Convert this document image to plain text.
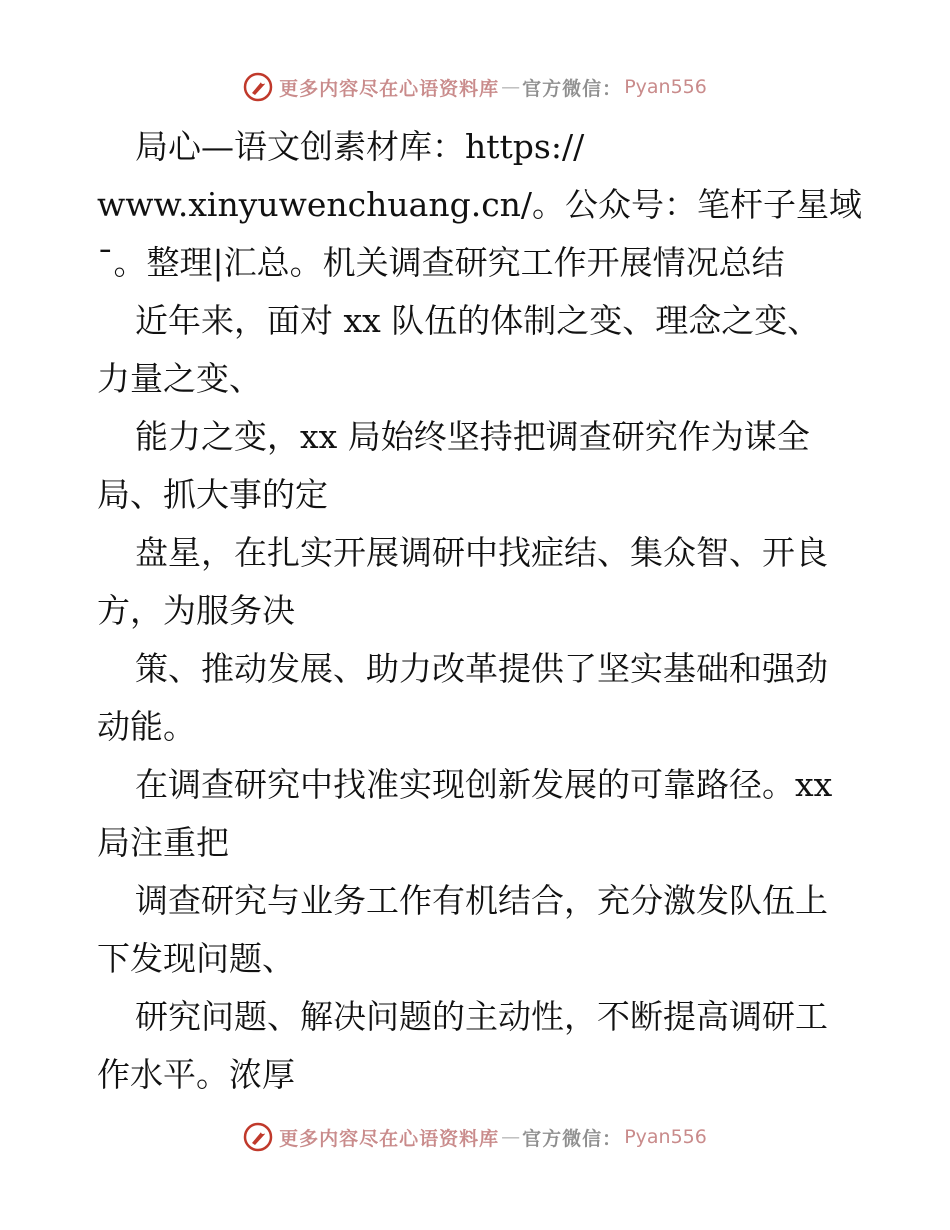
更多内容尽在心语资料库 — 官方微信： Pyan556
局心—语文创素材库：https://
www.xinyuwenchuang.cn/。公众号：笔杆子星域
¯。整理|汇总。机关调查研究工作开展情况总结
近年来，面对 xx 队伍的体制之变、理念之变、
力量之变、
能力之变，xx 局始终坚持把调查研究作为谋全
局、抓大事的定
盘星，在扎实开展调研中找症结、集众智、开良
方，为服务决
策、推动发展、助力改革提供了坚实基础和强劲
动能。
在调查研究中找准实现创新发展的可靠路径。xx
局注重把
调查研究与业务工作有机结合，充分激发队伍上
下发现问题、
研究问题、解决问题的主动性，不断提高调研工
作水平。浓厚
更多内容尽在心语资料库 — 官方微信： Pyan556
